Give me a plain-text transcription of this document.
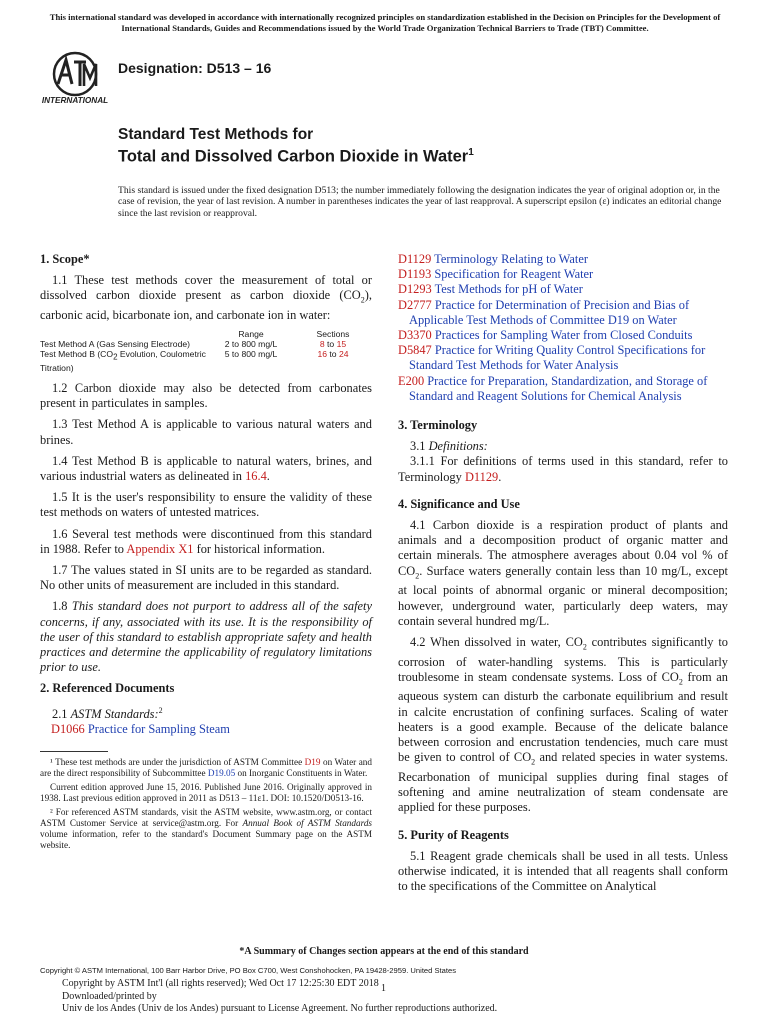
This international standard was developed in accordance with internationally recognized principles on standardization established in the Decision on Principles for the Development of International Standards, Guides and Recommendations issued by the World Trade Organization Technical Barriers to Trade (TBT) Committee.
INTERNATIONAL
Designation: D513 – 16
Standard Test Methods for
Total and Dissolved Carbon Dioxide in Water$^1$
This standard is issued under the fixed designation D513; the number immediately following the designation indicates the year of original adoption or, in the case of revision, the year of last revision. A number in parentheses indicates the year of last reapproval. A superscript epsilon (ε) indicates an editorial change since the last revision or reapproval.
1. Scope*
1.1 These test methods cover the measurement of total or dissolved carbon dioxide present as carbon dioxide $(CO_2)$, carbonic acid, bicarbonate ion, and carbonate ion in water:
	Range	Sections
Test Method A (Gas Sensing Electrode)	2 to 800 mg/L	8 to 15
Test Method B ($CO_2$ Evolution, Coulometric Titration)	5 to 800 mg/L	16 to 24
1.2 Carbon dioxide may also be detected from carbonates present in particulates in samples.
1.3 Test Method A is applicable to various natural waters and brines.
1.4 Test Method B is applicable to natural waters, brines, and various industrial waters as delineated in 16.4.
1.5 It is the user's responsibility to ensure the validity of these test methods on waters of untested matrices.
1.6 Several test methods were discontinued from this standard in 1988. Refer to Appendix X1 for historical information.
1.7 The values stated in SI units are to be regarded as standard. No other units of measurement are included in this standard.
1.8 This standard does not purport to address all of the safety concerns, if any, associated with its use. It is the responsibility of the user of this standard to establish appropriate safety and health practices and determine the applicability of regulatory limitations prior to use.
2. Referenced Documents
2.1 ASTM Standards:$^2$
D1066 Practice for Sampling Steam
¹ These test methods are under the jurisdiction of ASTM Committee D19 on Water and are the direct responsibility of Subcommittee D19.05 on Inorganic Constituents in Water.
Current edition approved June 15, 2016. Published June 2016. Originally approved in 1938. Last previous edition approved in 2011 as D513 – 11ε1. DOI: 10.1520/D0513-16.
² For referenced ASTM standards, visit the ASTM website, www.astm.org, or contact ASTM Customer Service at service@astm.org. For Annual Book of ASTM Standards volume information, refer to the standard's Document Summary page on the ASTM website.
D1129 Terminology Relating to Water
D1193 Specification for Reagent Water
D1293 Test Methods for pH of Water
D2777 Practice for Determination of Precision and Bias of Applicable Test Methods of Committee D19 on Water
D3370 Practices for Sampling Water from Closed Conduits
D5847 Practice for Writing Quality Control Specifications for Standard Test Methods for Water Analysis
E200 Practice for Preparation, Standardization, and Storage of Standard and Reagent Solutions for Chemical Analysis
3. Terminology
3.1 Definitions:
3.1.1 For definitions of terms used in this standard, refer to Terminology D1129.
4. Significance and Use
4.1 Carbon dioxide is a respiration product of plants and animals and a decomposition product of organic matter and certain minerals. The atmosphere averages about 0.04 vol % of $CO_2$. Surface waters generally contain less than 10 mg/L, except at local points of abnormal organic or mineral decomposition; however, underground water, particularly deep waters, may contain several hundred mg/L.
4.2 When dissolved in water, $CO_2$ contributes significantly to corrosion of water-handling systems. This is particularly troublesome in steam condensate systems. Loss of $CO_2$ from an aqueous system can disturb the carbonate equilibrium and result in calcite encrustation of confining surfaces. Scaling of water heaters is a good example. Because of the delicate balance between corrosion and encrustation tendencies, much care must be given to control of $CO_2$ and related species in water systems. Recarbonation of municipal supplies during final stages of softening and amine neutralization of steam condensate are applied for these purposes.
5. Purity of Reagents
5.1 Reagent grade chemicals shall be used in all tests. Unless otherwise indicated, it is intended that all reagents shall conform to the specifications of the Committee on Analytical
*A Summary of Changes section appears at the end of this standard
Copyright © ASTM International, 100 Barr Harbor Drive, PO Box C700, West Conshohocken, PA 19428-2959. United States
Copyright by ASTM Int'l (all rights reserved); Wed Oct 17 12:25:30 EDT 2018
Downloaded/printed by
Univ de los Andes (Univ de los Andes) pursuant to License Agreement. No further reproductions authorized.
1
